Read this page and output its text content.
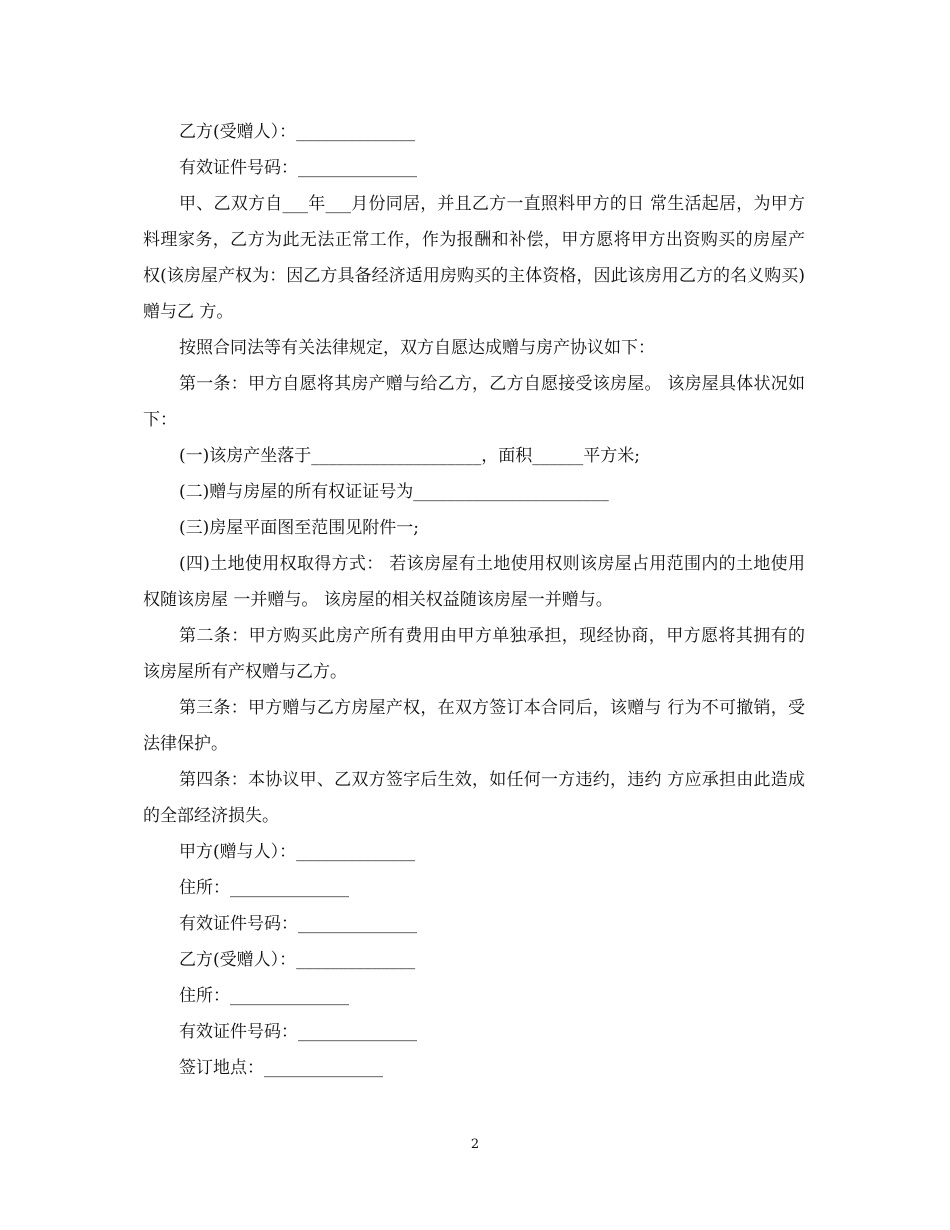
乙方(受赠人）：______________

有效证件号码：______________

甲、乙双方自___年___月份同居，并且乙方一直照料甲方的日 常生活起居，为甲方料理家务，乙方为此无法正常工作，作为报酬和补偿，甲方愿将甲方出资购买的房屋产权(该房屋产权为：因乙方具备经济适用房购买的主体资格，因此该房用乙方的名义购买)赠与乙 方。

按照合同法等有关法律规定，双方自愿达成赠与房产协议如下：

第一条：甲方自愿将其房产赠与给乙方，乙方自愿接受该房屋。 该房屋具体状况如下：

(一)该房产坐落于____________________，面积______平方米;

(二)赠与房屋的所有权证证号为_______________________

(三)房屋平面图至范围见附件一;

(四)土地使用权取得方式： 若该房屋有土地使用权则该房屋占用范围内的土地使用权随该房屋 一并赠与。 该房屋的相关权益随该房屋一并赠与。

第二条：甲方购买此房产所有费用由甲方单独承担，现经协商，甲方愿将其拥有的该房屋所有产权赠与乙方。

第三条：甲方赠与乙方房屋产权，在双方签订本合同后，该赠与 行为不可撤销，受法律保护。

第四条：本协议甲、乙双方签字后生效，如任何一方违约，违约 方应承担由此造成的全部经济损失。

甲方(赠与人）：______________

住所：______________

有效证件号码：______________

乙方(受赠人）：______________

住所：______________

有效证件号码：______________

签订地点：______________

2
